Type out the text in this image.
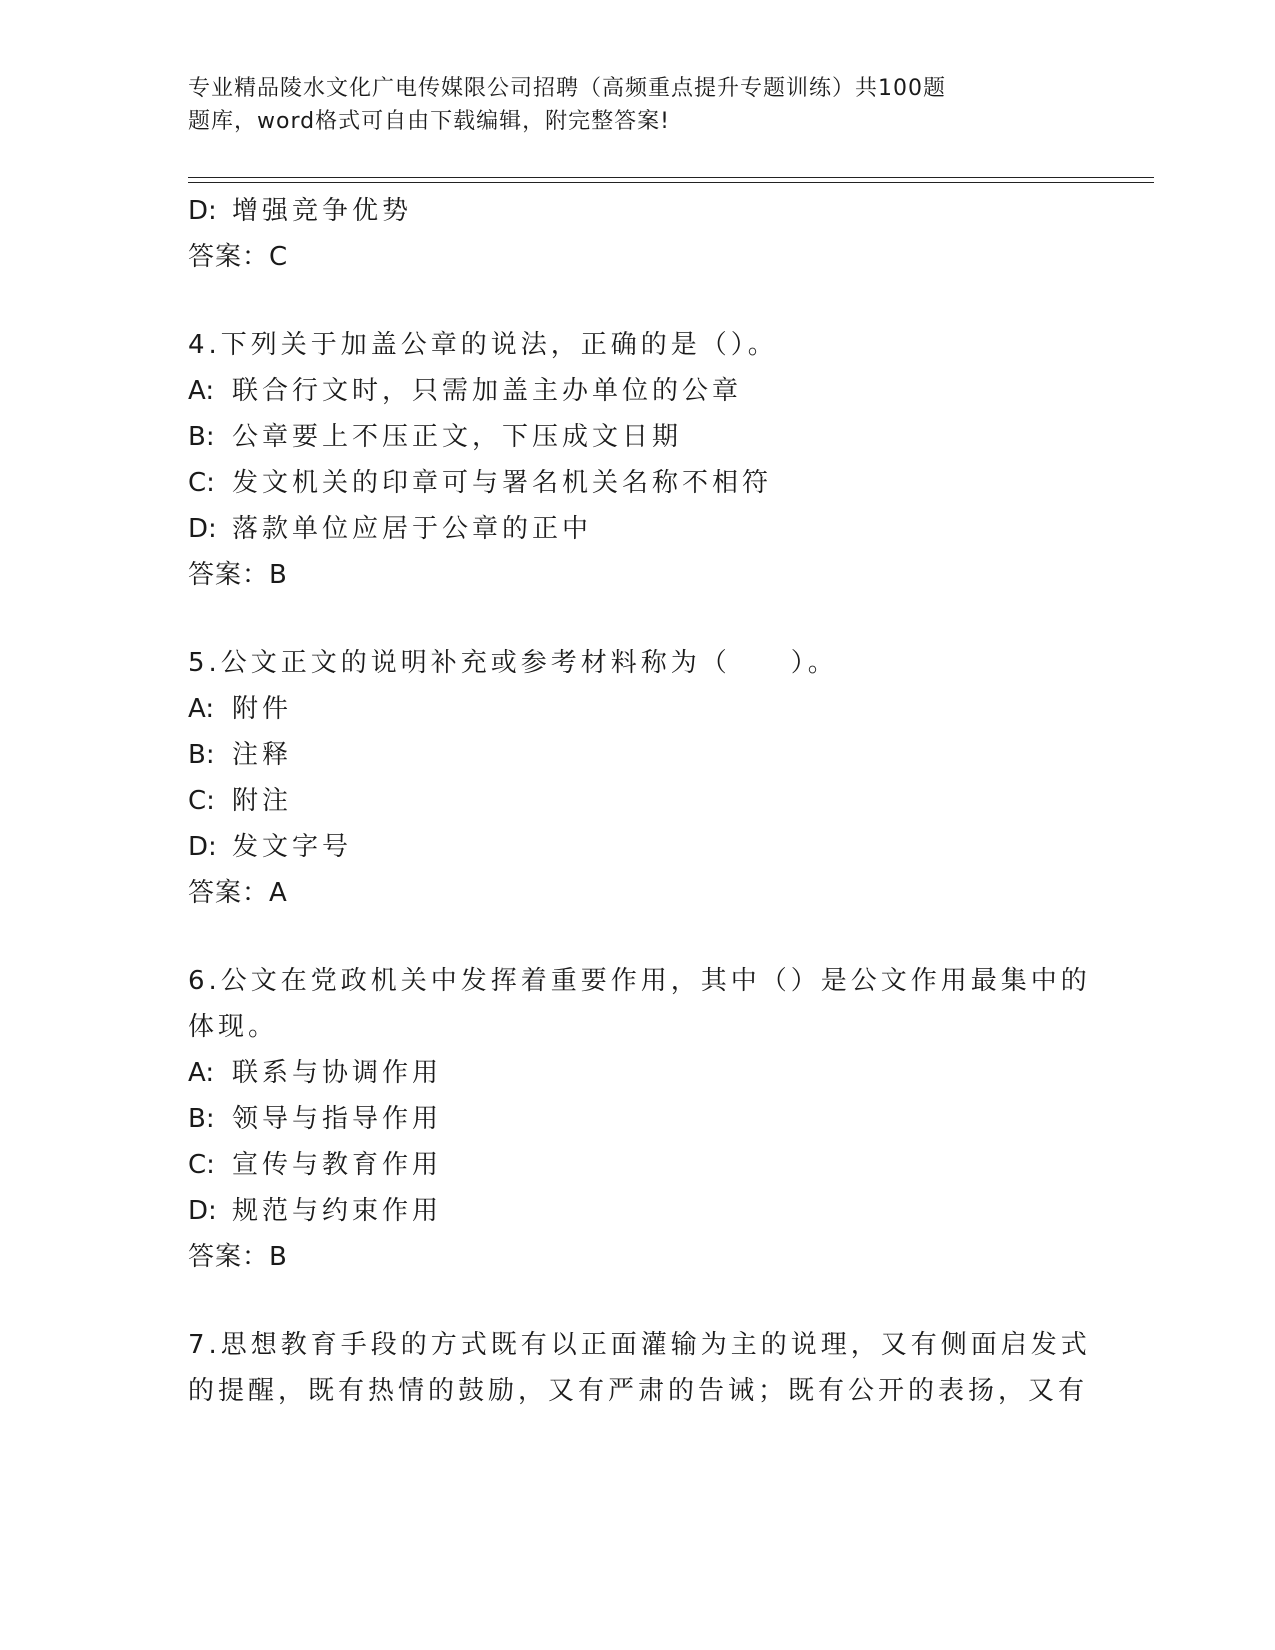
专业精品陵水文化广电传媒限公司招聘（高频重点提升专题训练）共100题
题库，word格式可自由下载编辑，附完整答案!
D: 增强竞争优势
答案：C
4.下列关于加盖公章的说法，正确的是（）。
A: 联合行文时，只需加盖主办单位的公章
B: 公章要上不压正文，下压成文日期
C: 发文机关的印章可与署名机关名称不相符
D: 落款单位应居于公章的正中
答案：B
5.公文正文的说明补充或参考材料称为（　　）。
A: 附件
B: 注释
C: 附注
D: 发文字号
答案：A
6.公文在党政机关中发挥着重要作用，其中（）是公文作用最集中的
体现。
A: 联系与协调作用
B: 领导与指导作用
C: 宣传与教育作用
D: 规范与约束作用
答案：B
7.思想教育手段的方式既有以正面灌输为主的说理，又有侧面启发式
的提醒，既有热情的鼓励，又有严肃的告诫；既有公开的表扬，又有
